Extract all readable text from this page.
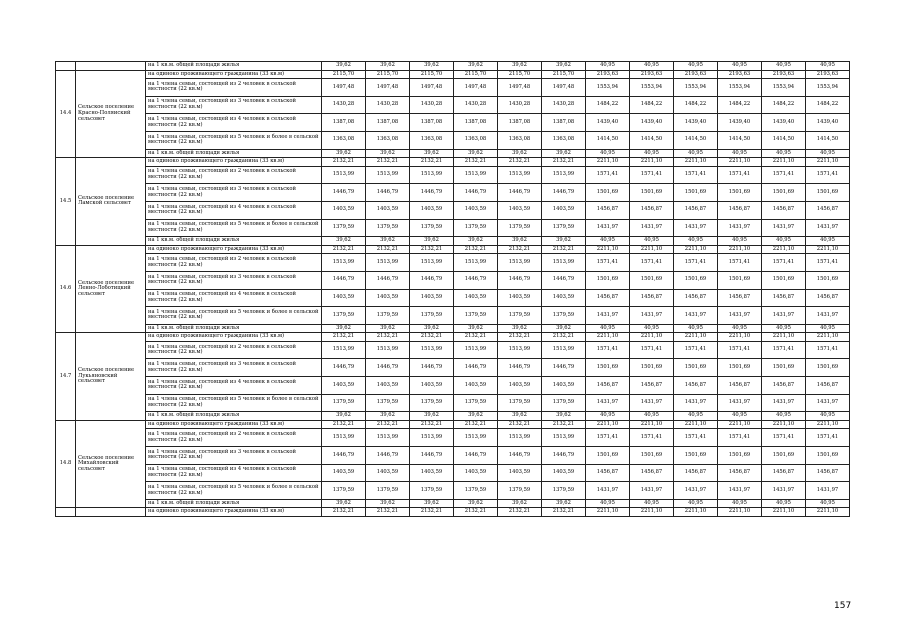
		на 1 кв.м. общей площади жилья	39,62	39,62	39,62	39,62	39,62	39,62	40,95	40,95	40,95	40,95	40,95	40,95
14.4	Сельское поселение Красно-Поляиский сельсовет	на одиноко проживающего гражданина (33 кв.м)	2115,70	2115,70	2115,70	2115,70	2115,70	2115,70	2193,63	2193,63	2193,63	2193,63	2193,63	2193,63
		на 1 члена семьи, состоящей из 2 человек в сельской местности (22 кв.м)	1497,48	1497,48	1497,48	1497,48	1497,48	1497,48	1553,94	1553,94	1553,94	1553,94	1553,94	1553,94
		на 1 члена семьи, состоящей из 3 человек в сельской местности (22 кв.м)	1430,28	1430,28	1430,28	1430,28	1430,28	1430,28	1484,22	1484,22	1484,22	1484,22	1484,22	1484,22
		на 1 члена семьи, состоящей из 4 человек в сельской местности (22 кв.м)	1387,08	1387,08	1387,08	1387,08	1387,08	1387,08	1439,40	1439,40	1439,40	1439,40	1439,40	1439,40
		на 1 члена семьи, состоящей из 5 человек и более в сельской местности (22 кв.м)	1363,08	1363,08	1363,08	1363,08	1363,08	1363,08	1414,50	1414,50	1414,50	1414,50	1414,50	1414,50
		на 1 кв.м. общей площади жилья	39,62	39,62	39,62	39,62	39,62	39,62	40,95	40,95	40,95	40,95	40,95	40,95
14.5	Сельское поселение Ламской сельсовет	на одиноко проживающего гражданина (33 кв.м)	2132,21	2132,21	2132,21	2132,21	2132,21	2132,21	2211,10	2211,10	2211,10	2211,10	2211,10	2211,10
		на 1 члена семьи, состоящей из 2 человек в сельской местности (22 кв.м)	1513,99	1513,99	1513,99	1513,99	1513,99	1513,99	1571,41	1571,41	1571,41	1571,41	1571,41	1571,41
		на 1 члена семьи, состоящей из 3 человек в сельской местности (22 кв.м)	1446,79	1446,79	1446,79	1446,79	1446,79	1446,79	1501,69	1501,69	1501,69	1501,69	1501,69	1501,69
		на 1 члена семьи, состоящей из 4 человек в сельской местности (22 кв.м)	1403,59	1403,59	1403,59	1403,59	1403,59	1403,59	1456,87	1456,87	1456,87	1456,87	1456,87	1456,87
		на 1 члена семьи, состоящей из 5 человек и более в сельской местности (22 кв.м)	1379,59	1379,59	1379,59	1379,59	1379,59	1379,59	1431,97	1431,97	1431,97	1431,97	1431,97	1431,97
		на 1 кв.м. общей площади жилья	39,62	39,62	39,62	39,62	39,62	39,62	40,95	40,95	40,95	40,95	40,95	40,95
14.6	Сельское поселение Ленно-Лоботицкий сельсовет	на одиноко проживающего гражданина (33 кв.м)	2132,21	2132,21	2132,21	2132,21	2132,21	2132,21	2211,10	2211,10	2211,10	2211,10	2211,10	2211,10
		на 1 члена семьи, состоящей из 2 человек в сельской местности (22 кв.м)	1513,99	1513,99	1513,99	1513,99	1513,99	1513,99	1571,41	1571,41	1571,41	1571,41	1571,41	1571,41
		на 1 члена семьи, состоящей из 3 человек в сельской местности (22 кв.м)	1446,79	1446,79	1446,79	1446,79	1446,79	1446,79	1501,69	1501,69	1501,69	1501,69	1501,69	1501,69
		на 1 члена семьи, состоящей из 4 человек в сельской местности (22 кв.м)	1403,59	1403,59	1403,59	1403,59	1403,59	1403,59	1456,87	1456,87	1456,87	1456,87	1456,87	1456,87
		на 1 члена семьи, состоящей из 5 человек и более в сельской местности (22 кв.м)	1379,59	1379,59	1379,59	1379,59	1379,59	1379,59	1431,97	1431,97	1431,97	1431,97	1431,97	1431,97
		на 1 кв.м. общей площади жилья	39,62	39,62	39,62	39,62	39,62	39,62	40,95	40,95	40,95	40,95	40,95	40,95
14.7	Сельское поселение Лукьяновский сельсовет	на одиноко проживающего гражданина (33 кв.м)	2132,21	2132,21	2132,21	2132,21	2132,21	2132,21	2211,10	2211,10	2211,10	2211,10	2211,10	2211,10
		на 1 члена семьи, состоящей из 2 человек в сельской местности (22 кв.м)	1513,99	1513,99	1513,99	1513,99	1513,99	1513,99	1571,41	1571,41	1571,41	1571,41	1571,41	1571,41
		на 1 члена семьи, состоящей из 3 человек в сельской местности (22 кв.м)	1446,79	1446,79	1446,79	1446,79	1446,79	1446,79	1501,69	1501,69	1501,69	1501,69	1501,69	1501,69
		на 1 члена семьи, состоящей из 4 человек в сельской местности (22 кв.м)	1403,59	1403,59	1403,59	1403,59	1403,59	1403,59	1456,87	1456,87	1456,87	1456,87	1456,87	1456,87
		на 1 члена семьи, состоящей из 5 человек и более в сельской местности (22 кв.м)	1379,59	1379,59	1379,59	1379,59	1379,59	1379,59	1431,97	1431,97	1431,97	1431,97	1431,97	1431,97
		на 1 кв.м. общей площади жилья	39,62	39,62	39,62	39,62	39,62	39,62	40,95	40,95	40,95	40,95	40,95	40,95
14.8	Сельское поселение Михайловский сельсовет	на одиноко проживающего гражданина (33 кв.м)	2132,21	2132,21	2132,21	2132,21	2132,21	2132,21	2211,10	2211,10	2211,10	2211,10	2211,10	2211,10
		на 1 члена семьи, состоящей из 2 человек в сельской местности (22 кв.м)	1513,99	1513,99	1513,99	1513,99	1513,99	1513,99	1571,41	1571,41	1571,41	1571,41	1571,41	1571,41
		на 1 члена семьи, состоящей из 3 человек в сельской местности (22 кв.м)	1446,79	1446,79	1446,79	1446,79	1446,79	1446,79	1501,69	1501,69	1501,69	1501,69	1501,69	1501,69
		на 1 члена семьи, состоящей из 4 человек в сельской местности (22 кв.м)	1403,59	1403,59	1403,59	1403,59	1403,59	1403,59	1456,87	1456,87	1456,87	1456,87	1456,87	1456,87
		на 1 члена семьи, состоящей из 5 человек и более в сельской местности (22 кв.м)	1379,59	1379,59	1379,59	1379,59	1379,59	1379,59	1431,97	1431,97	1431,97	1431,97	1431,97	1431,97
		на 1 кв.м. общей площади жилья	39,62	39,62	39,62	39,62	39,62	39,62	40,95	40,95	40,95	40,95	40,95	40,95
		на одиноко проживающего гражданина (33 кв.м)	2132,21	2132,21	2132,21	2132,21	2132,21	2132,21	2211,10	2211,10	2211,10	2211,10	2211,10	2211,10
157
